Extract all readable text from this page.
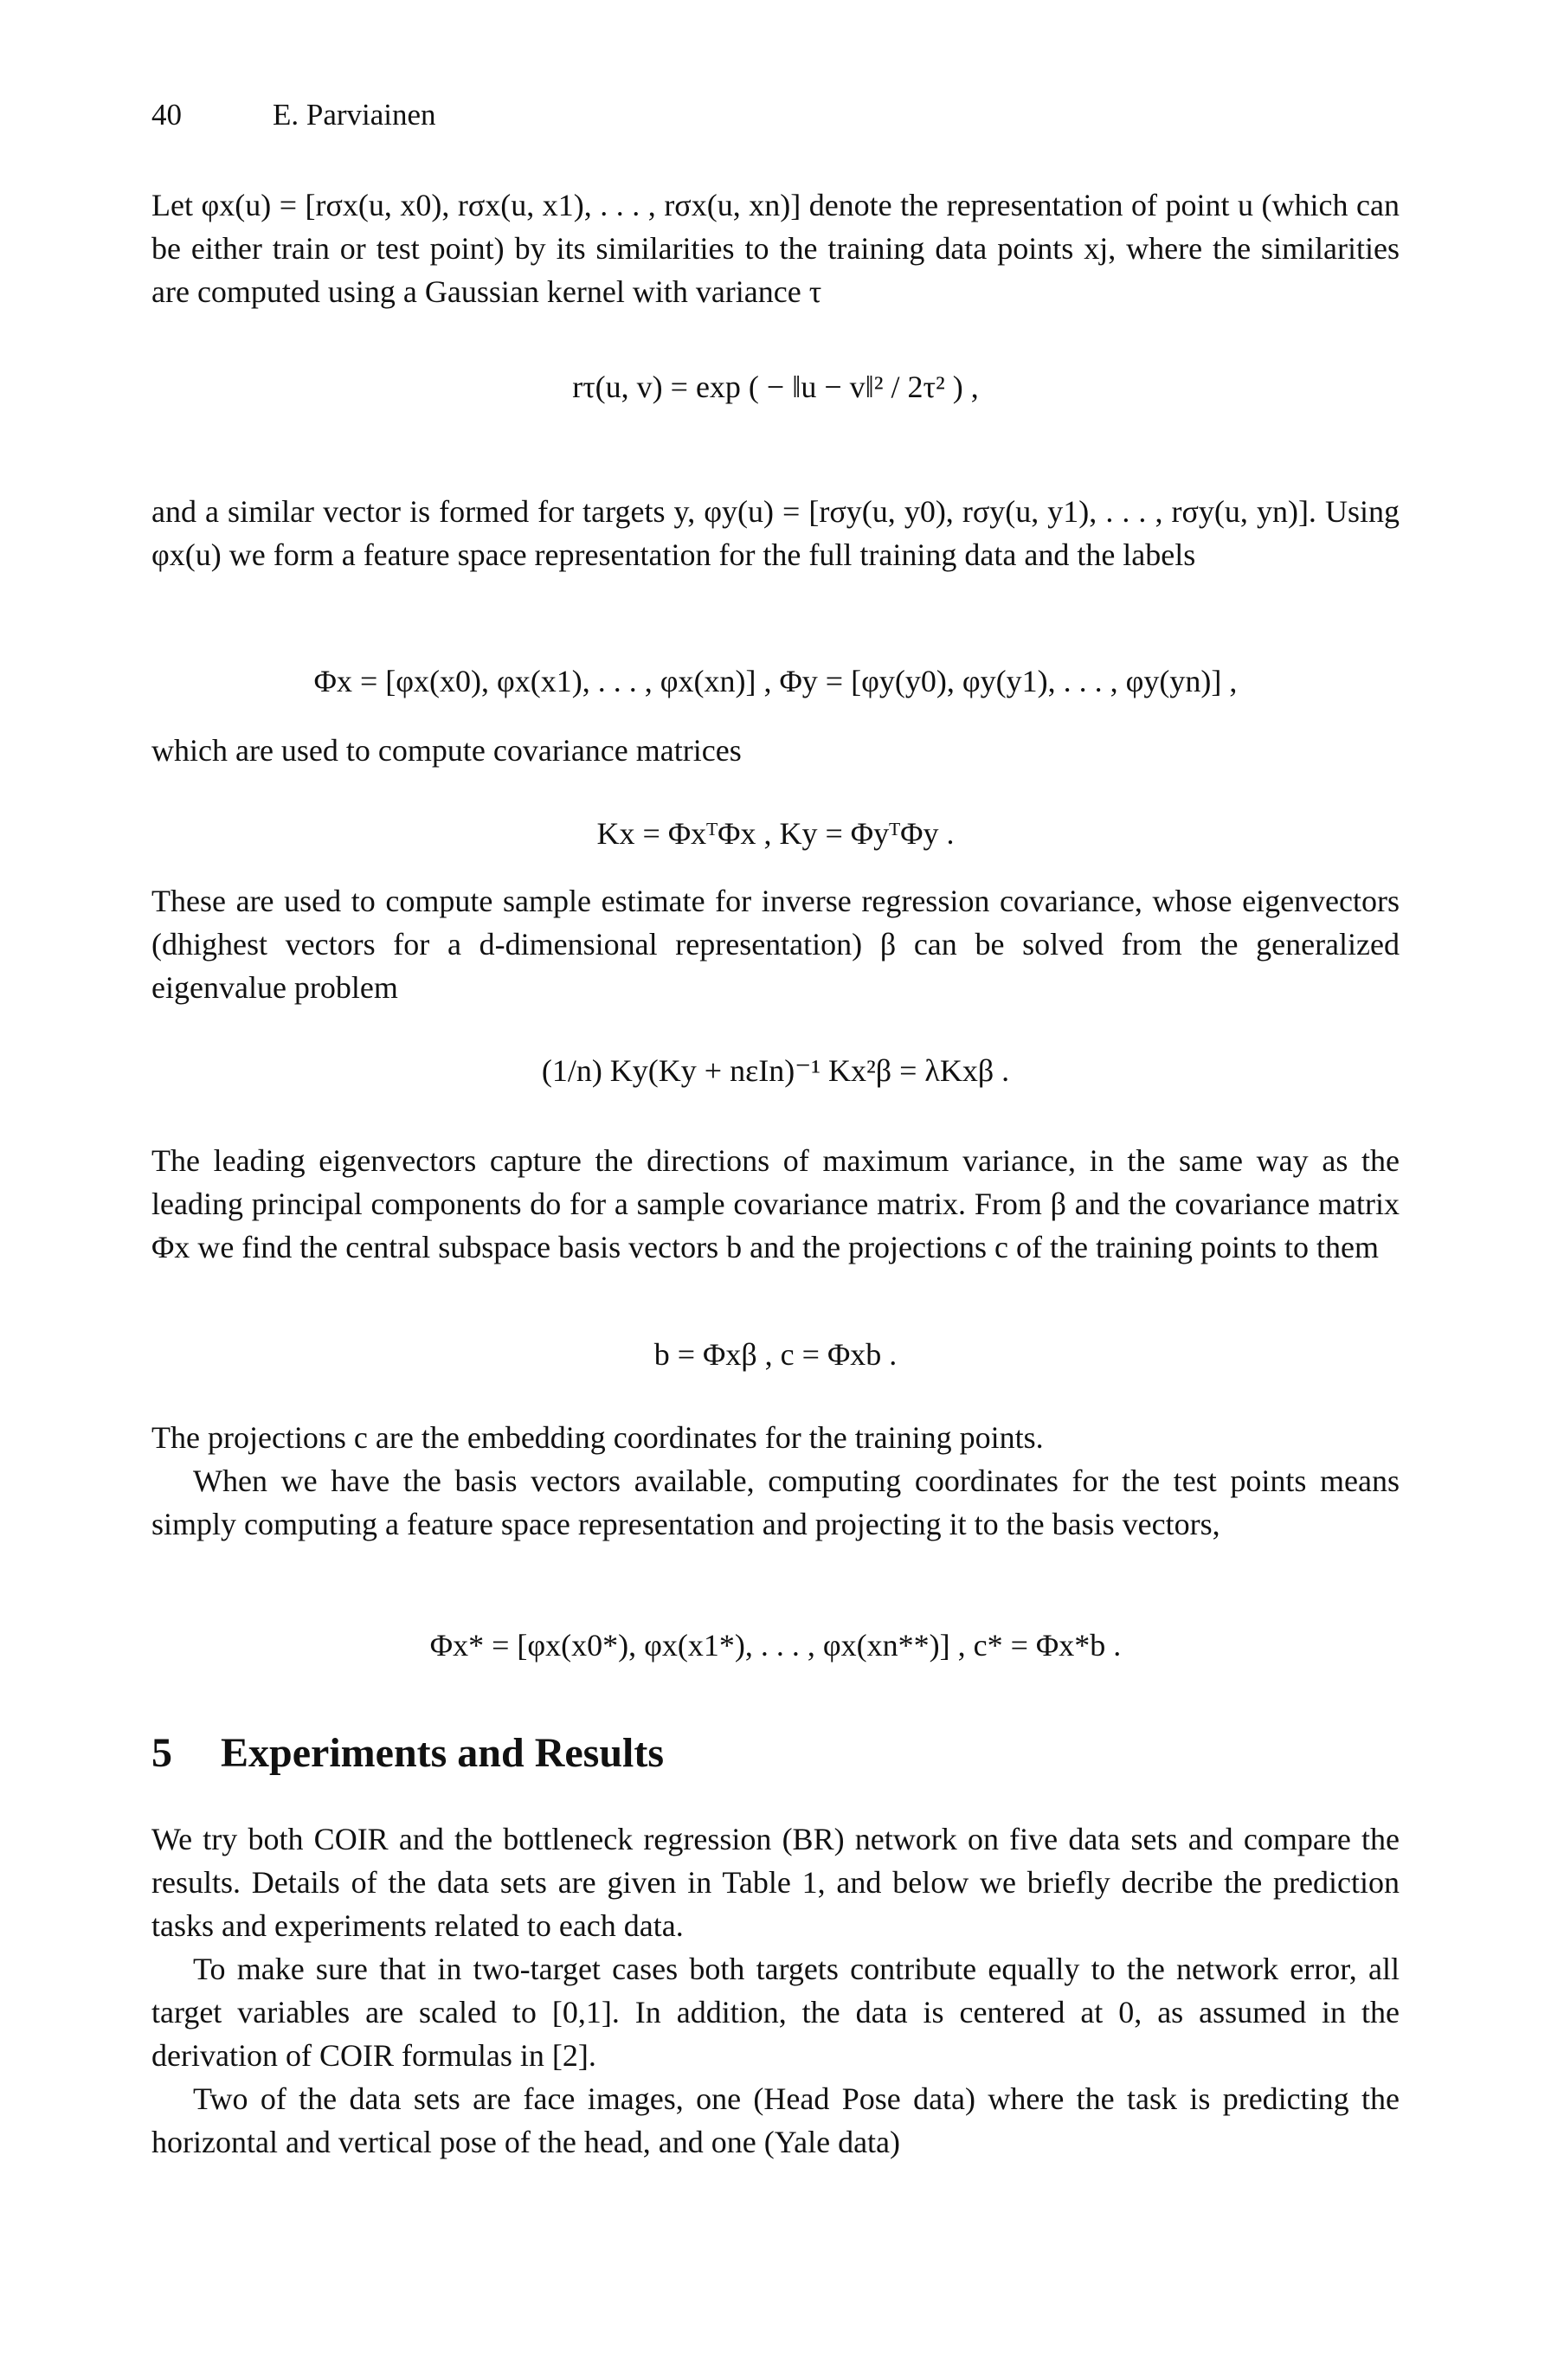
40	E. Parviainen

Let φx(u) = [rσx(u, x0), rσx(u, x1), . . . , rσx(u, xn)] denote the representation of point u (which can be either train or test point) by its similarities to the training data points xj, where the similarities are computed using a Gaussian kernel with variance τ

rτ(u, v) = exp ( − ‖u − v‖² / 2τ² ) ,

and a similar vector is formed for targets y, φy(u) = [rσy(u, y0), rσy(u, y1), . . . , rσy(u, yn)]. Using φx(u) we form a feature space representation for the full training data and the labels

Φx = [φx(x0), φx(x1), . . . , φx(xn)] , Φy = [φy(y0), φy(y1), . . . , φy(yn)] ,

which are used to compute covariance matrices

Kx = ΦxᵀΦx , Ky = ΦyᵀΦy .

These are used to compute sample estimate for inverse regression covariance, whose eigenvectors (dhighest vectors for a d-dimensional representation) β can be solved from the generalized eigenvalue problem

(1/n) Ky(Ky + nεIn)⁻¹ Kx²β = λKxβ .

The leading eigenvectors capture the directions of maximum variance, in the same way as the leading principal components do for a sample covariance matrix. From β and the covariance matrix Φx we find the central subspace basis vectors b and the projections c of the training points to them

b = Φxβ , c = Φxb .

The projections c are the embedding coordinates for the training points.

When we have the basis vectors available, computing coordinates for the test points means simply computing a feature space representation and projecting it to the basis vectors,

Φx* = [φx(x0*), φx(x1*), . . . , φx(xn**)] , c* = Φx*b .
5 Experiments and Results

We try both COIR and the bottleneck regression (BR) network on five data sets and compare the results. Details of the data sets are given in Table 1, and below we briefly decribe the prediction tasks and experiments related to each data.

To make sure that in two-target cases both targets contribute equally to the network error, all target variables are scaled to [0,1]. In addition, the data is centered at 0, as assumed in the derivation of COIR formulas in [2].

Two of the data sets are face images, one (Head Pose data) where the task is predicting the horizontal and vertical pose of the head, and one (Yale data)
